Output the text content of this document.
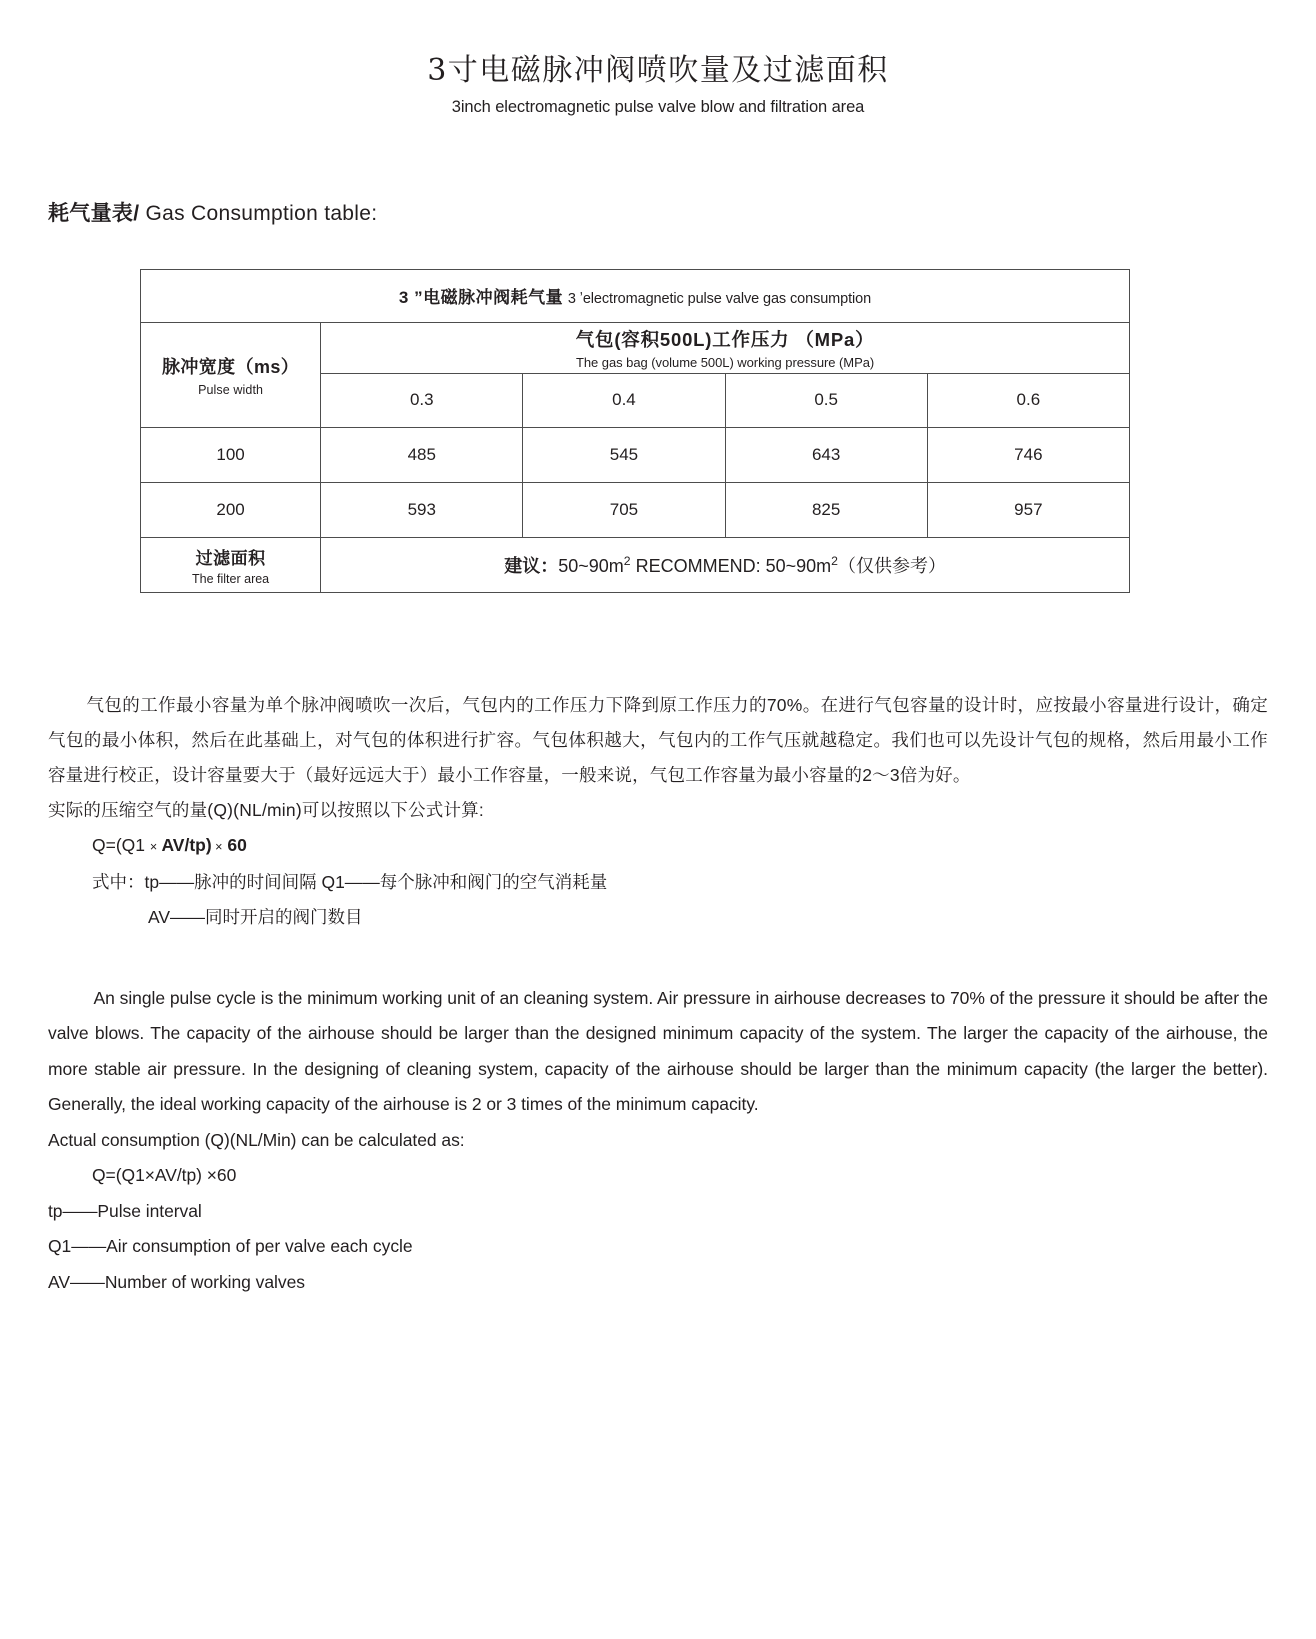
3寸电磁脉冲阀喷吹量及过滤面积
3inch electromagnetic pulse valve blow and filtration area
耗气量表/ Gas Consumption table:
3 ”电磁脉冲阀耗气量 3 ʼelectromagnetic pulse valve gas consumption				

脉冲宽度（ms）
Pulse width	气包(容积500L)工作压力 （MPa）
The gas bag (volume 500L) working pressure (MPa)			

	0.3	0.4	0.5	0.6
100	485	545	643	746
200	593	705	825	957

过滤面积
The filter area	建议：$50\sim 90m^2$ RECOMMEND: $50\sim 90m^2$（仅供参考）			

气包的工作最小容量为单个脉冲阀喷吹一次后，气包内的工作压力下降到原工作压力的70%。在进行气包容量的设计时，应按最小容量进行设计，确定气包的最小体积，然后在此基础上，对气包的体积进行扩容。气包体积越大，气包内的工作气压就越稳定。我们也可以先设计气包的规格，然后用最小工作容量进行校正，设计容量要大于（最好远远大于）最小工作容量，一般来说，气包工作容量为最小容量的2～3倍为好。

实际的压缩空气的量(Q)(NL/min)可以按照以下公式计算:

Q=(Q1 × AV/tp) × 60
式中：tp——脉冲的时间间隔 Q1——每个脉冲和阀门的空气消耗量
AV——同时开启的阀门数目

An single pulse cycle is the minimum working unit of an cleaning system. Air pressure in airhouse decreases to 70% of the pressure it should be after the valve blows. The capacity of the airhouse should be larger than the designed minimum capacity of the system. The larger the capacity of the airhouse, the more stable air pressure. In the designing of cleaning system, capacity of the airhouse should be larger than the minimum capacity (the larger the better). Generally, the ideal working capacity of the airhouse is 2 or 3 times of the minimum capacity.

Actual consumption (Q)(NL/Min) can be calculated as:

Q=(Q1×AV/tp) ×60

tp——Pulse interval

Q1——Air consumption of per valve each cycle

AV——Number of working valves
